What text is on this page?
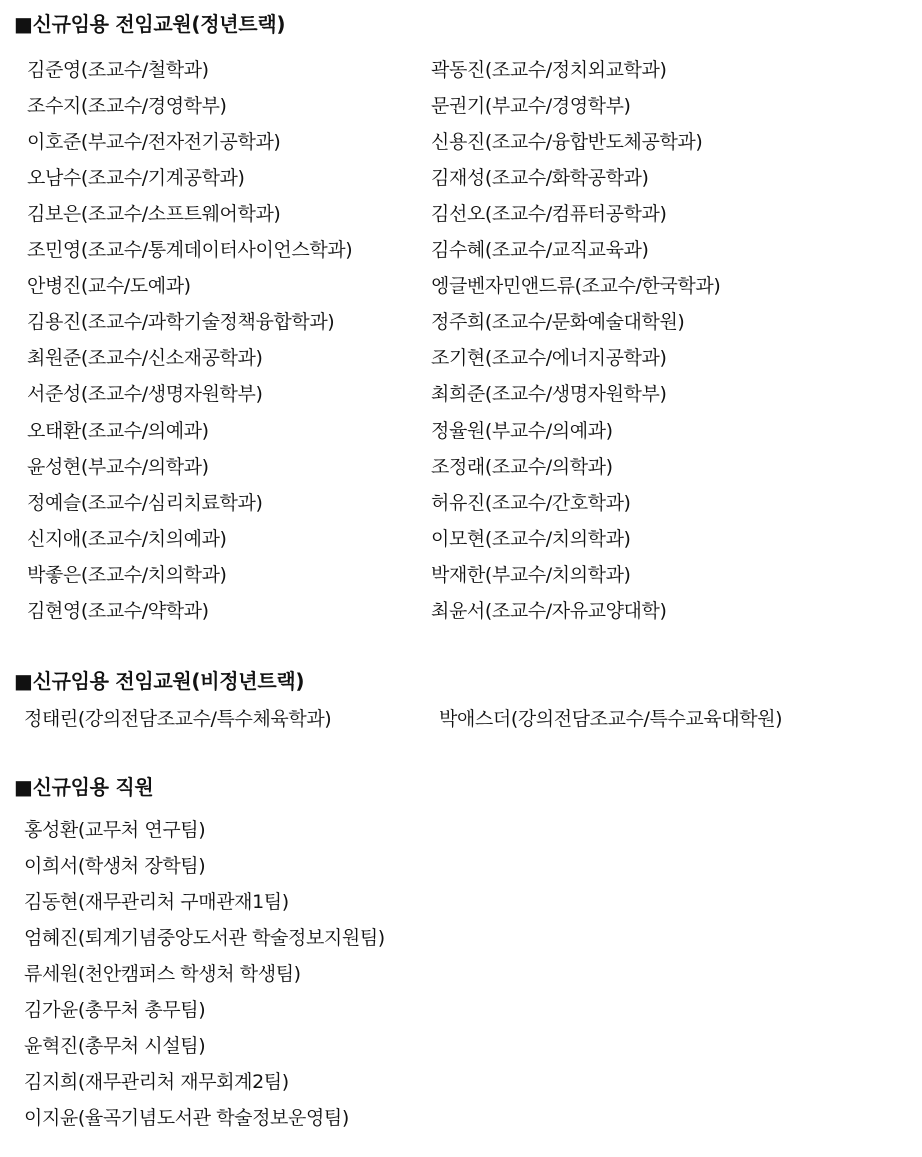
■신규임용 전임교원(정년트랙)
김준영(조교수/철학과)
조수지(조교수/경영학부)
이호준(부교수/전자전기공학과)
오남수(조교수/기계공학과)
김보은(조교수/소프트웨어학과)
조민영(조교수/통계데이터사이언스학과)
안병진(교수/도예과)
김용진(조교수/과학기술정책융합학과)
최원준(조교수/신소재공학과)
서준성(조교수/생명자원학부)
오태환(조교수/의예과)
윤성현(부교수/의학과)
정예슬(조교수/심리치료학과)
신지애(조교수/치의예과)
박좋은(조교수/치의학과)
김현영(조교수/약학과)
곽동진(조교수/정치외교학과)
문권기(부교수/경영학부)
신용진(조교수/융합반도체공학과)
김재성(조교수/화학공학과)
김선오(조교수/컴퓨터공학과)
김수혜(조교수/교직교육과)
엥글벤자민앤드류(조교수/한국학과)
정주희(조교수/문화예술대학원)
조기현(조교수/에너지공학과)
최희준(조교수/생명자원학부)
정율원(부교수/의예과)
조정래(조교수/의학과)
허유진(조교수/간호학과)
이모현(조교수/치의학과)
박재한(부교수/치의학과)
최윤서(조교수/자유교양대학)
■신규임용 전임교원(비정년트랙)
정태린(강의전담조교수/특수체육학과)	박애스더(강의전담조교수/특수교육대학원)
■신규임용 직원
홍성환(교무처 연구팀)
이희서(학생처 장학팀)
김동현(재무관리처 구매관재1팀)
엄혜진(퇴계기념중앙도서관 학술정보지원팀)
류세원(천안캠퍼스 학생처 학생팀)
김가윤(총무처 총무팀)
윤혁진(총무처 시설팀)
김지희(재무관리처 재무회계2팀)
이지윤(율곡기념도서관 학술정보운영팀)
